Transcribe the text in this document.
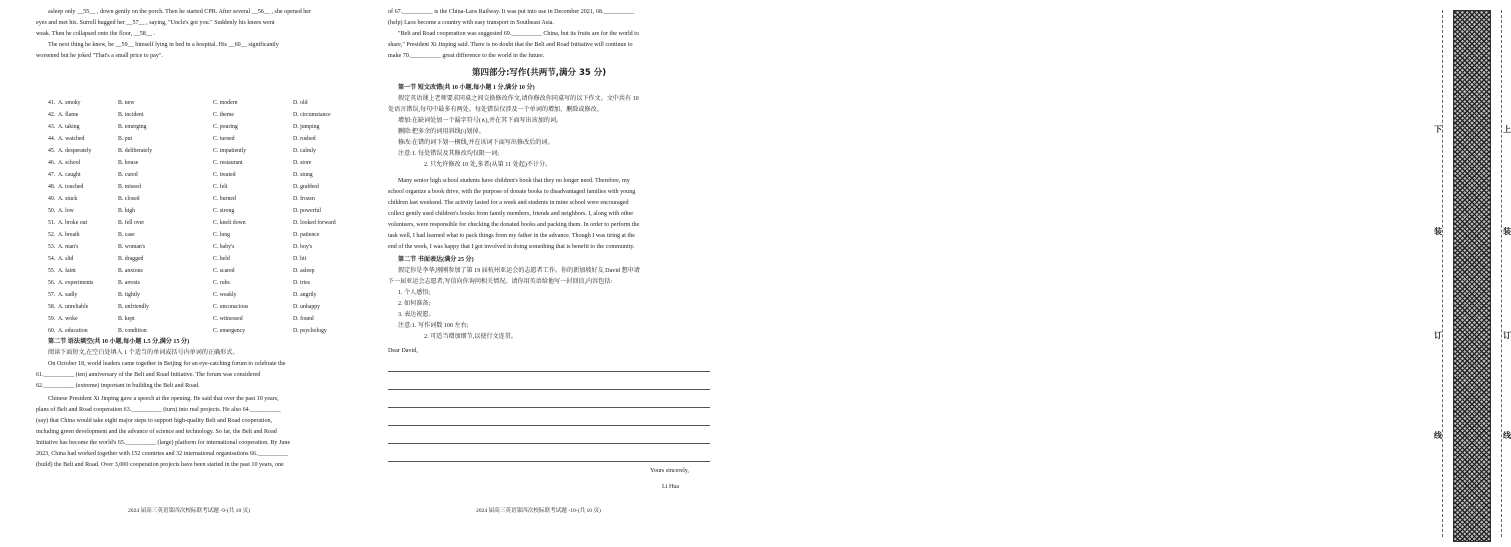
asleep only __55__ , down gently on the porch. Then he started CPR. After several __56__ , she opened her
eyes and met his. Surrell hugged her __57__ , saying, "Uncle's got you." Suddenly his knees went
weak. Then he collapsed onto the floor, __58__ .
The next thing he knew, he __59__ himself lying in bed in a hospital. His __60__ significantly
worsened but he joked "That's a small price to pay".
41. A. smoky	B. new	C. modern	D. old
42. A. flame	B. incident	C. theme	D. circumstance
43. A. taking	B. emerging	C. pouring	D. jumping
44. A. watched	B. put	C. turned	D. rushed
45. A. desperately	B. deliberately	C. impatiently	D. calmly
46. A. school	B. house	C. restaurant	D. store
47. A. caught	B. cured	C. treated	D. stung
48. A. touched	B. missed	C. felt	D. grabbed
49. A. stuck	B. closed	C. burned	D. frozen
50. A. low	B. high	C. strong	D. powerful
51. A. broke out	B. fell over	C. knelt down	D. looked forward
52. A. breath	B. case	C. lung	D. patience
53. A. man's	B. woman's	C. baby's	D. boy's
54. A. slid	B. dragged	C. held	D. hit
55. A. faint	B. anxious	C. scared	D. asleep
56. A. experiments	B. arrests	C. rubs	D. tries
57. A. sadly	B. tightly	C. weakly	D. angrily
58. A. unreliable	B. unfriendly	C. unconscious	D. unhappy
59. A. woke	B. kept	C. witnessed	D. found
60. A. education	B. condition	C. emergency	D. psychology
第二节 语法填空(共 10 小题,每小题 1.5 分,满分 15 分)
阅读下面短文,在空白处填入 1 个适当的单词或括号内单词的正确形式。
On October 18, world leaders came together in Beijing for an eye-catching forum to celebrate the
61.__________ (ten) anniversary of the Belt and Road Initiative. The forum was considered
62.__________ (extreme) important in building the Belt and Road.
Chinese President Xi Jinping gave a speech at the opening. He said that over the past 10 years,
plans of Belt and Road cooperation 63.__________ (turn) into real projects. He also 64.__________
(say) that China would take eight major steps to support high-quality Belt and Road cooperation,
including green development and the advance of science and technology. So far, the Belt and Road
Initiative has become the world's 65.__________ (large) platform for international cooperation. By June
2023, China had worked together with 152 countries and 32 international organisations 66.__________
(build) the Belt and Road. Over 3,000 cooperation projects have been started in the past 10 years, one
2024 届高三英语第四次校际联考试题 -9-(共 10 页)
of 67.__________ is the China-Laos Railway. It was put into use in December 2021, 68.__________
(help) Laos become a country with easy transport in Southeast Asia.
"Belt and Road cooperation was suggested 69.__________ China, but its fruits are for the world to
share," President Xi Jinping said. There is no doubt that the Belt and Road Initiative will continue to
make 70.__________ great difference to the world in the future.
第四部分:写作(共两节,满分 35 分)
第一节 短文改错(共 10 小题,每小题 1 分,满分 10 分)
假定英语课上老师要求同桌之间交换修改作文,请你修改你同桌写的以下作文。文中共有 10
处语言错误,每句中最多有两处。每处错误仅涉及一个单词的增加、删除或修改。
增加:在缺词处加一个漏字符号(∧),并在其下面写出该加的词。
删除:把多余的词用斜线(\)划掉。
修改:在错的词下划一横线,并在该词下面写出修改后的词。
注意:1. 每处错误及其修改均仅限一词;
2. 只允许修改 10 处,多者(从第 11 处起)不计分。
Many senior high school students have children's book that they no longer need. Therefore, my
school organize a book drive, with the purpose of donate books to disadvantaged families with young
children last weekend. The activity lasted for a week and students in mine school were encouraged
collect gently used children's books from family members, friends and neighbors. I, along with other
volunteers, were responsible for checking the donated books and packing them. In order to perform the
task well, I had learned what to pack things from my father in the advance. Though I was tiring at the
end of the week, I was happy that I got involved in doing something that is benefit to the community.
第二节 书面表达(满分 25 分)
假定你是李华,刚刚参加了第 19 届杭州亚运会的志愿者工作。你的新加坡好友 David 想申请
下一届亚运会志愿者,写信向你询问相关情况。请你用英语给他写一封回信,内容包括:
1. 个人感悟;
2. 如何准备;
3. 表达祝愿。
注意:1. 写作词数 100 左右;
2. 可适当增加细节,以使行文连贯。
Dear David,
Yours sincerely,
Li Hua
2024 届高三英语第四次校际联考试题 -10-(共 10 页)
下
装
订
线
上
装
订
线
